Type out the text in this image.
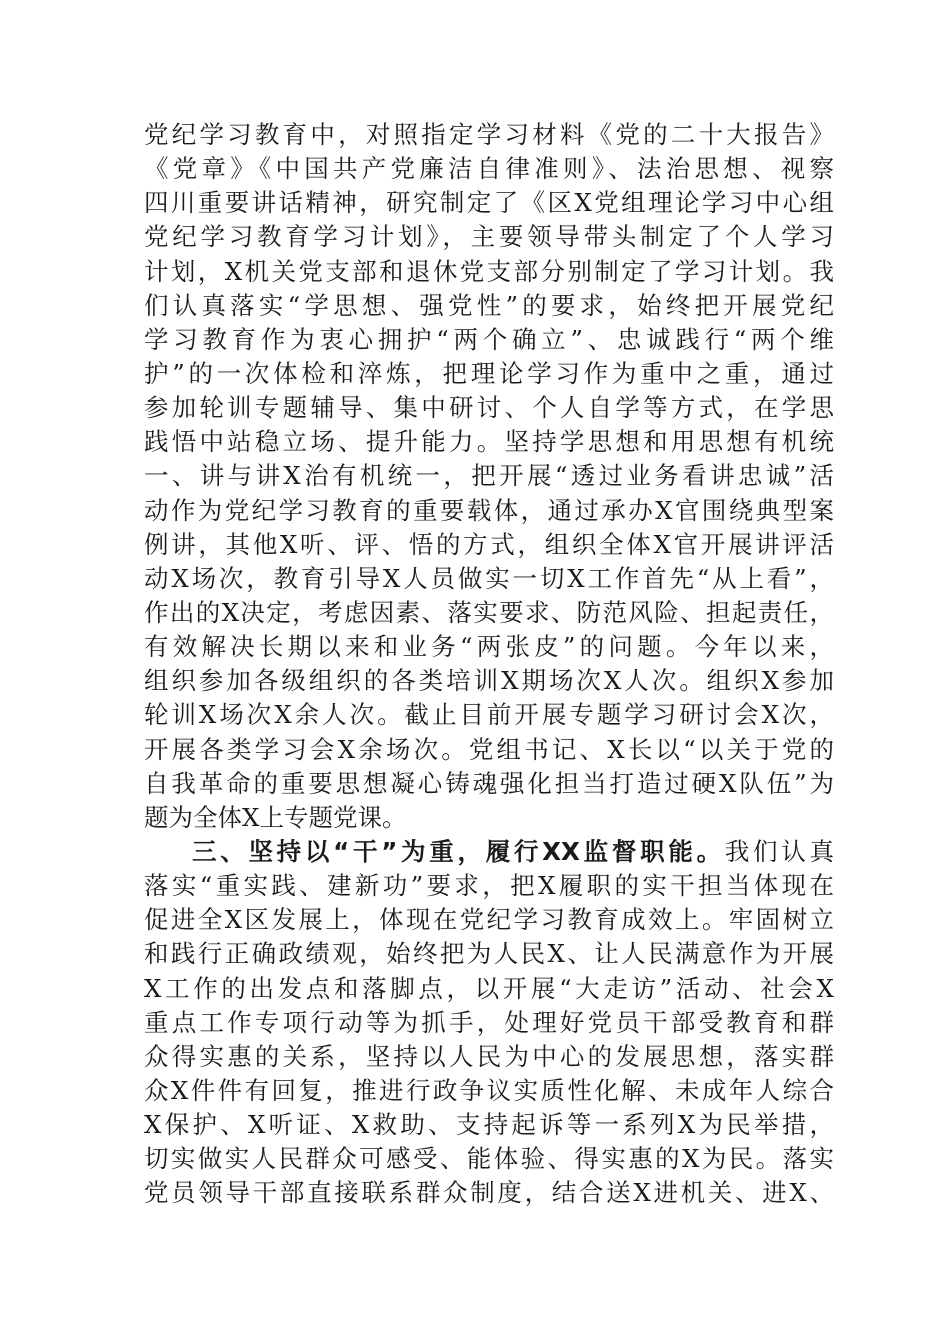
党纪学习教育中，对照指定学习材料《党的二十大报告》
《党章》《中国共产党廉洁自律准则》、法治思想、视察
四川重要讲话精神，研究制定了《区X党组理论学习中心组
党纪学习教育学习计划》，主要领导带头制定了个人学习
计划，X机关党支部和退休党支部分别制定了学习计划。我
们认真落实“学思想、强党性”的要求，始终把开展党纪
学习教育作为衷心拥护“两个确立”、忠诚践行“两个维
护”的一次体检和淬炼，把理论学习作为重中之重，通过
参加轮训专题辅导、集中研讨、个人自学等方式，在学思
践悟中站稳立场、提升能力。坚持学思想和用思想有机统
一、讲与讲X治有机统一，把开展“透过业务看讲忠诚”活
动作为党纪学习教育的重要载体，通过承办X官围绕典型案
例讲，其他X听、评、悟的方式，组织全体X官开展讲评活
动X场次，教育引导X人员做实一切X工作首先“从上看”，
作出的X决定，考虑因素、落实要求、防范风险、担起责任，
有效解决长期以来和业务“两张皮”的问题。今年以来，
组织参加各级组织的各类培训X期场次X人次。组织X参加
轮训X场次X余人次。截止目前开展专题学习研讨会X次，
开展各类学习会X余场次。党组书记、X长以“以关于党的
自我革命的重要思想凝心铸魂强化担当打造过硬X队伍”为
题为全体X上专题党课。
三、坚持以“干”为重，履行XX监督职能。我们认真
落实“重实践、建新功”要求，把X履职的实干担当体现在
促进全X区发展上，体现在党纪学习教育成效上。牢固树立
和践行正确政绩观，始终把为人民X、让人民满意作为开展
X工作的出发点和落脚点，以开展“大走访”活动、社会X
重点工作专项行动等为抓手，处理好党员干部受教育和群
众得实惠的关系，坚持以人民为中心的发展思想，落实群
众X件件有回复，推进行政争议实质性化解、未成年人综合
X保护、X听证、X救助、支持起诉等一系列X为民举措，
切实做实人民群众可感受、能体验、得实惠的X为民。落实
党员领导干部直接联系群众制度，结合送X进机关、进X、
